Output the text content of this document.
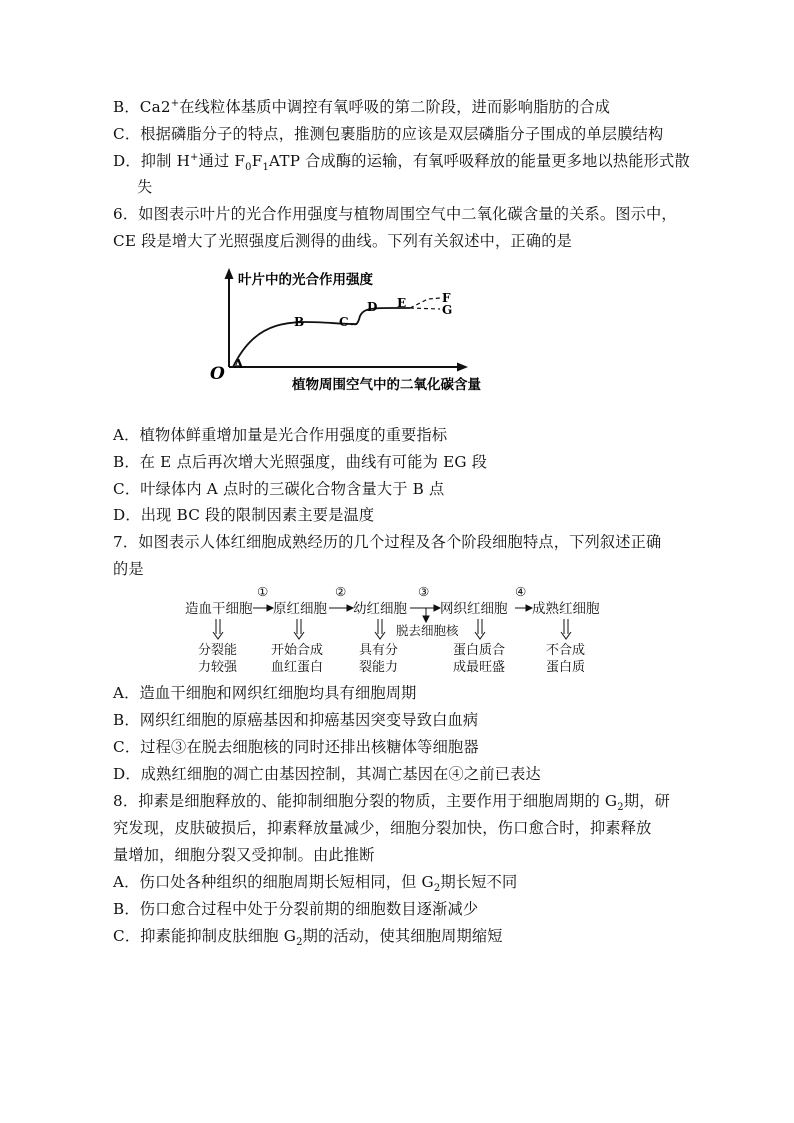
B．Ca2+在线粒体基质中调控有氧呼吸的第二阶段，进而影响脂肪的合成
C．根据磷脂分子的特点，推测包裹脂肪的应该是双层磷脂分子围成的单层膜结构
D．抑制 H+通过 $F_0F_1ATP$ 合成酶的运输，有氧呼吸释放的能量更多地以热能形式散
失
6．如图表示叶片的光合作用强度与植物周围空气中二氧化碳含量的关系。图示中，
CE 段是增大了光照强度后测得的曲线。下列有关叙述中，正确的是
叶片中的光合作用强度
植物周围空气中的二氧化碳含量
O A
B	C
D E	F
G
A．植物体鲜重增加量是光合作用强度的重要指标
B．在 E 点后再次增大光照强度，曲线有可能为 EG 段
C．叶绿体内 A 点时的三碳化合物含量大于 B 点
D．出现 BC 段的限制因素主要是温度
7．如图表示人体红细胞成熟经历的几个过程及各个阶段细胞特点，下列叙述正确
的是
造血干细胞 原红细胞 幼红细胞 网织红细胞 成熟红细胞
①	②	③	④
脱去细胞核
分裂能
力较强
开始合成
血红蛋白
具有分
裂能力
蛋白质合
成最旺盛
不合成
蛋白质
A．造血干细胞和网织红细胞均具有细胞周期
B．网织红细胞的原癌基因和抑癌基因突变导致白血病
C．过程③在脱去细胞核的同时还排出核糖体等细胞器
D．成熟红细胞的凋亡由基因控制，其凋亡基因在④之前已表达
8．抑素是细胞释放的、能抑制细胞分裂的物质，主要作用于细胞周期的 $G_2$期，研
究发现，皮肤破损后，抑素释放量减少，细胞分裂加快，伤口愈合时，抑素释放
量增加，细胞分裂又受抑制。由此推断
A．伤口处各种组织的细胞周期长短相同，但 $G_2$期长短不同
B．伤口愈合过程中处于分裂前期的细胞数目逐渐减少
C．抑素能抑制皮肤细胞 $G_2$期的活动，使其细胞周期缩短
